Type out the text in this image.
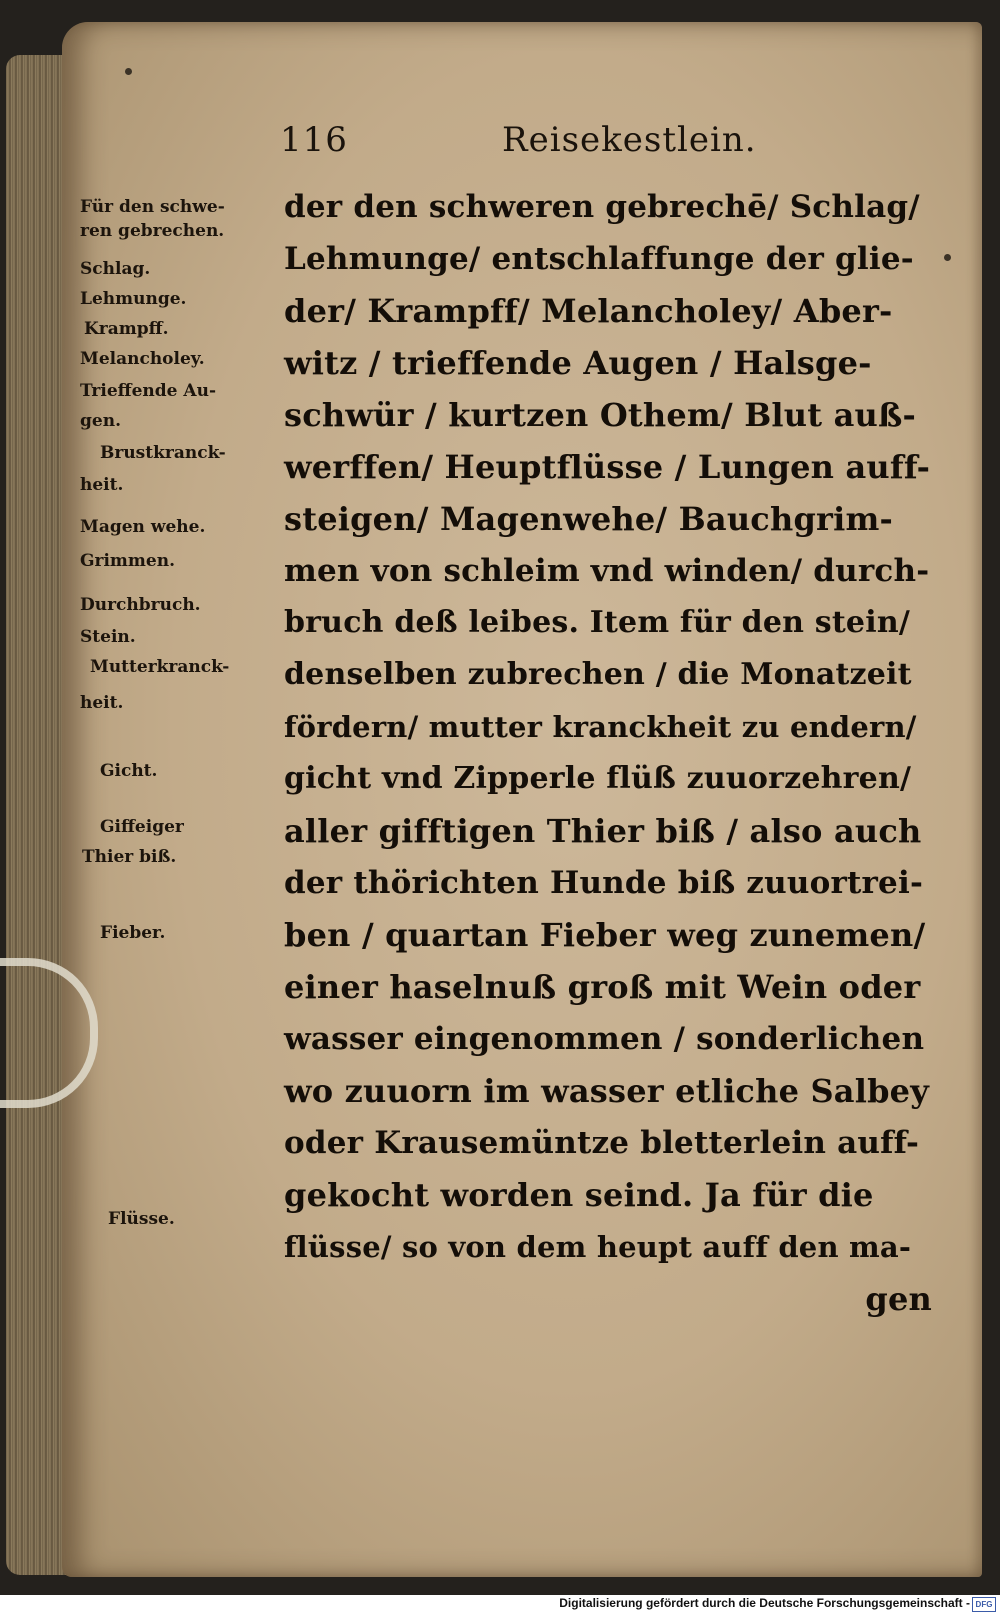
116	Reisekestlein.
Für den schwe-
ren gebrechen.
Schlag.
Lehmunge.
Krampff.
Melancholey.
Trieffende Au-
gen.
Brustkranck-
heit.
Magen wehe.
Grimmen.
Durchbruch.
Stein.
Mutterkranck-
heit.
Gicht.
Giffeiger
Thier biß.
Fieber.
Flüsse.
der den schweren gebrechē/ Schlag/
Lehmunge/ entschlaffunge der glie-
der/ Krampff/ Melancholey/ Aber-
witz / trieffende Augen / Halsge-
schwür / kurtzen Othem/ Blut auß-
werffen/ Heuptflüsse / Lungen auff-
steigen/ Magenwehe/ Bauchgrim-
men von schleim vnd winden/ durch-
bruch deß leibes. Item für den stein/
denselben zubrechen / die Monatzeit
fördern/ mutter kranckheit zu endern/
gicht vnd Zipperle flüß zuuorzehren/
aller gifftigen Thier biß / also auch
der thörichten Hunde biß zuuortrei-
ben / quartan Fieber weg zunemen/
einer haselnuß groß mit Wein oder
wasser eingenommen / sonderlichen
wo zuuorn im wasser etliche Salbey
oder Krausemüntze bletterlein auff-
gekocht worden seind. Ja für die
flüsse/ so von dem heupt auff den ma-
gen
Digitalisierung gefördert durch die Deutsche Forschungsgemeinschaft - DFG
